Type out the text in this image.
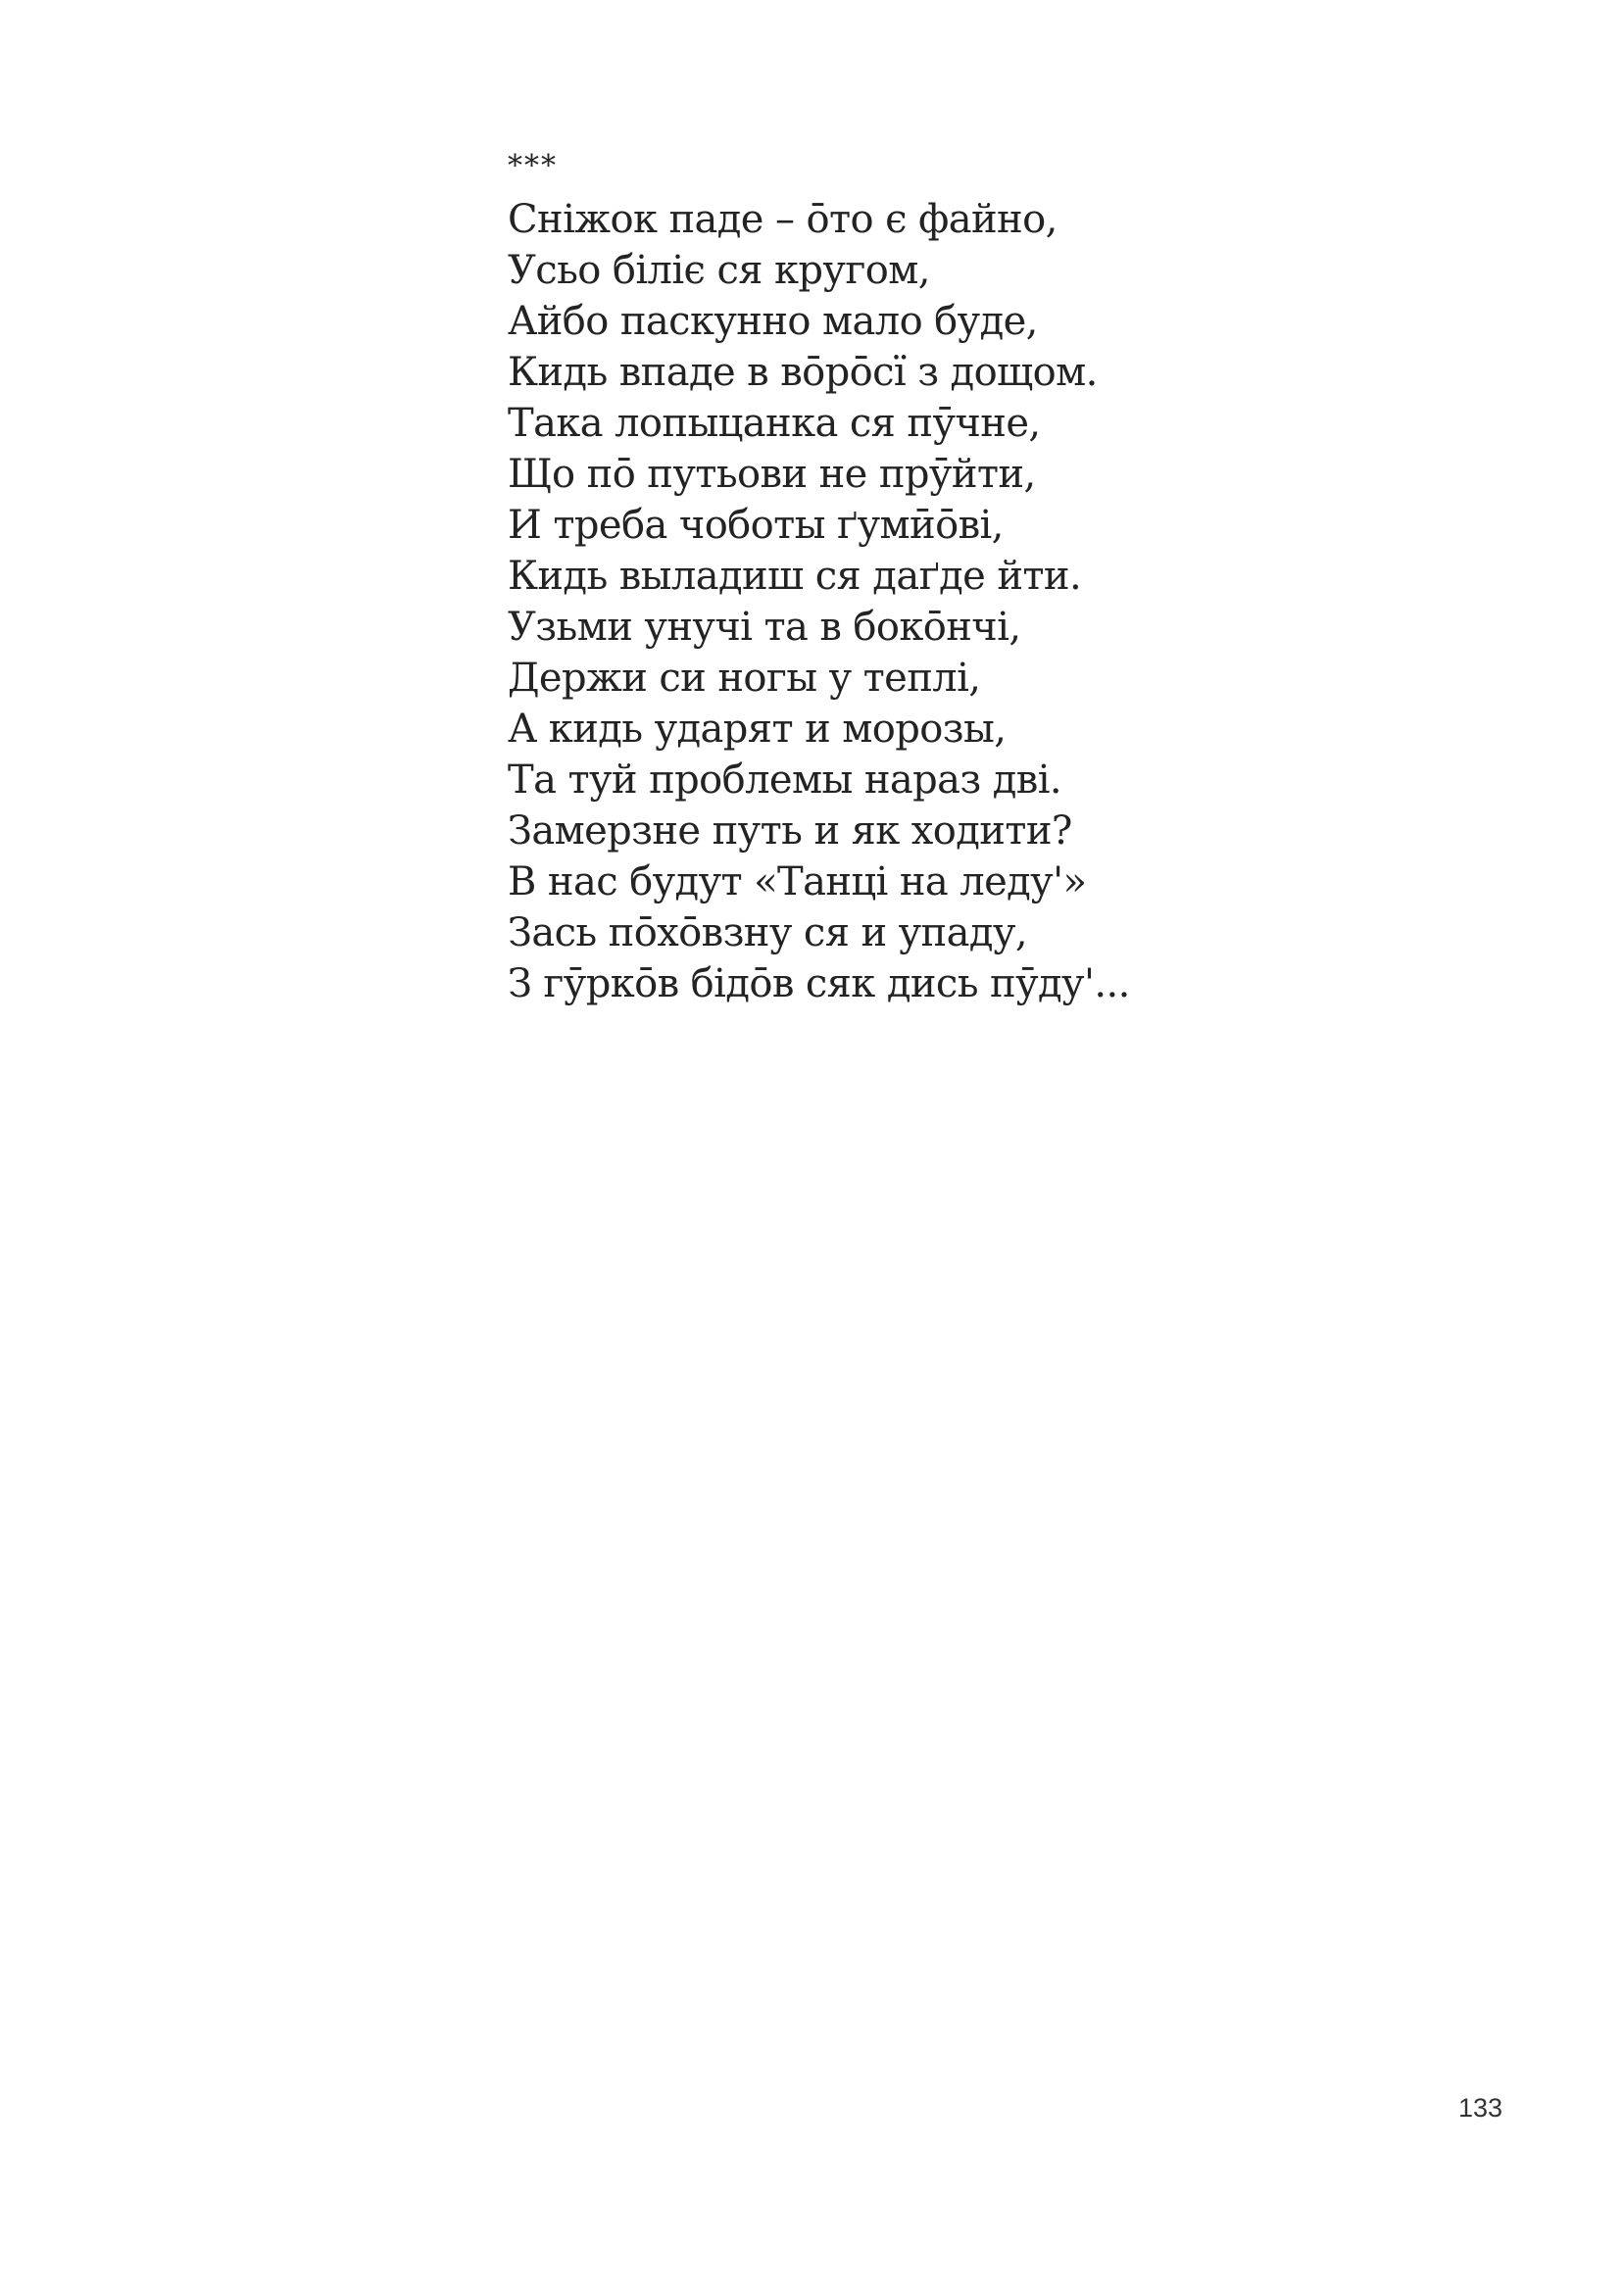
***
Сніжок паде – о̄то є файно,
Усьо біліє ся кругом,
Айбо паскунно мало буде,
Кидь впаде в во̄ро̄сї з дощом.
Така лопыцанка ся пӯчне,
Що по̄ путьови не прӯйти,
И треба чоботы ґумӣо̄ві,
Кидь выладиш ся даґде йти.
Узьми унучі та в боко̄нчі,
Держи си ногы у теплі,
А кидь ударят и морозы,
Та туй проблемы нараз дві.
Замерзне путь и як ходити?
В нас будут «Танці на леду'»
Зась по̄хо̄взну ся и упаду,
З гӯрко̄в бідо̄в сяк дись пӯду'...
133
